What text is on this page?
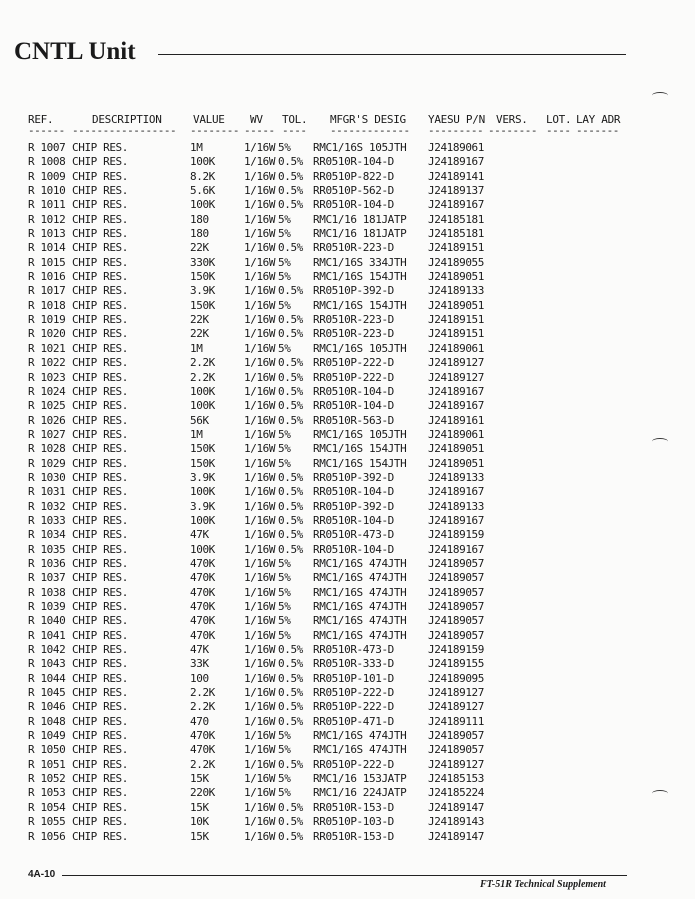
CNTL Unit
REF.	DESCRIPTION	VALUE WV TOL. MFGR'S DESIG YAESU P/N VERS. LOT. LAY ADR
------ ----------------- -------- ----- ---- ------------- --------- -------- ---- -------
R 1007 CHIP RES.	1M	1/16W 5% RMC1/16S 105JTH J24189061
R 1008 CHIP RES.	100K	1/16W 0.5% RR0510R-104-D	J24189167
R 1009 CHIP RES.	8.2K	1/16W 0.5% RR0510P-822-D	J24189141
R 1010 CHIP RES.	5.6K	1/16W 0.5% RR0510P-562-D	J24189137
R 1011 CHIP RES.	100K	1/16W 0.5% RR0510R-104-D	J24189167
R 1012 CHIP RES.	180	1/16W 5% RMC1/16 181JATP J24185181
R 1013 CHIP RES.	180	1/16W 5% RMC1/16 181JATP J24185181
R 1014 CHIP RES.	22K	1/16W 0.5% RR0510R-223-D	J24189151
R 1015 CHIP RES.	330K	1/16W 5% RMC1/16S 334JTH J24189055
R 1016 CHIP RES.	150K	1/16W 5% RMC1/16S 154JTH J24189051
R 1017 CHIP RES.	3.9K	1/16W 0.5% RR0510P-392-D	J24189133
R 1018 CHIP RES.	150K	1/16W 5% RMC1/16S 154JTH J24189051
R 1019 CHIP RES.	22K	1/16W 0.5% RR0510R-223-D	J24189151
R 1020 CHIP RES.	22K	1/16W 0.5% RR0510R-223-D	J24189151
R 1021 CHIP RES.	1M	1/16W 5% RMC1/16S 105JTH J24189061
R 1022 CHIP RES.	2.2K	1/16W 0.5% RR0510P-222-D	J24189127
R 1023 CHIP RES.	2.2K	1/16W 0.5% RR0510P-222-D	J24189127
R 1024 CHIP RES.	100K	1/16W 0.5% RR0510R-104-D	J24189167
R 1025 CHIP RES.	100K	1/16W 0.5% RR0510R-104-D	J24189167
R 1026 CHIP RES.	56K	1/16W 0.5% RR0510R-563-D	J24189161
R 1027 CHIP RES.	1M	1/16W 5% RMC1/16S 105JTH J24189061
R 1028 CHIP RES.	150K	1/16W 5% RMC1/16S 154JTH J24189051
R 1029 CHIP RES.	150K	1/16W 5% RMC1/16S 154JTH J24189051
R 1030 CHIP RES.	3.9K	1/16W 0.5% RR0510P-392-D	J24189133
R 1031 CHIP RES.	100K	1/16W 0.5% RR0510R-104-D	J24189167
R 1032 CHIP RES.	3.9K	1/16W 0.5% RR0510P-392-D	J24189133
R 1033 CHIP RES.	100K	1/16W 0.5% RR0510R-104-D	J24189167
R 1034 CHIP RES.	47K	1/16W 0.5% RR0510R-473-D	J24189159
R 1035 CHIP RES.	100K	1/16W 0.5% RR0510R-104-D	J24189167
R 1036 CHIP RES.	470K	1/16W 5% RMC1/16S 474JTH J24189057
R 1037 CHIP RES.	470K	1/16W 5% RMC1/16S 474JTH J24189057
R 1038 CHIP RES.	470K	1/16W 5% RMC1/16S 474JTH J24189057
R 1039 CHIP RES.	470K	1/16W 5% RMC1/16S 474JTH J24189057
R 1040 CHIP RES.	470K	1/16W 5% RMC1/16S 474JTH J24189057
R 1041 CHIP RES.	470K	1/16W 5% RMC1/16S 474JTH J24189057
R 1042 CHIP RES.	47K	1/16W 0.5% RR0510R-473-D	J24189159
R 1043 CHIP RES.	33K	1/16W 0.5% RR0510R-333-D	J24189155
R 1044 CHIP RES.	100	1/16W 0.5% RR0510P-101-D	J24189095
R 1045 CHIP RES.	2.2K	1/16W 0.5% RR0510P-222-D	J24189127
R 1046 CHIP RES.	2.2K	1/16W 0.5% RR0510P-222-D	J24189127
R 1048 CHIP RES.	470	1/16W 0.5% RR0510P-471-D	J24189111
R 1049 CHIP RES.	470K	1/16W 5% RMC1/16S 474JTH J24189057
R 1050 CHIP RES.	470K	1/16W 5% RMC1/16S 474JTH J24189057
R 1051 CHIP RES.	2.2K	1/16W 0.5% RR0510P-222-D	J24189127
R 1052 CHIP RES.	15K	1/16W 5% RMC1/16 153JATP J24185153
R 1053 CHIP RES.	220K	1/16W 5% RMC1/16 224JATP J24185224
R 1054 CHIP RES.	15K	1/16W 0.5% RR0510R-153-D	J24189147
R 1055 CHIP RES.	10K	1/16W 0.5% RR0510P-103-D	J24189143
R 1056 CHIP RES.	15K	1/16W 0.5% RR0510R-153-D	J24189147
4A-10
FT-51R Technical Supplement
